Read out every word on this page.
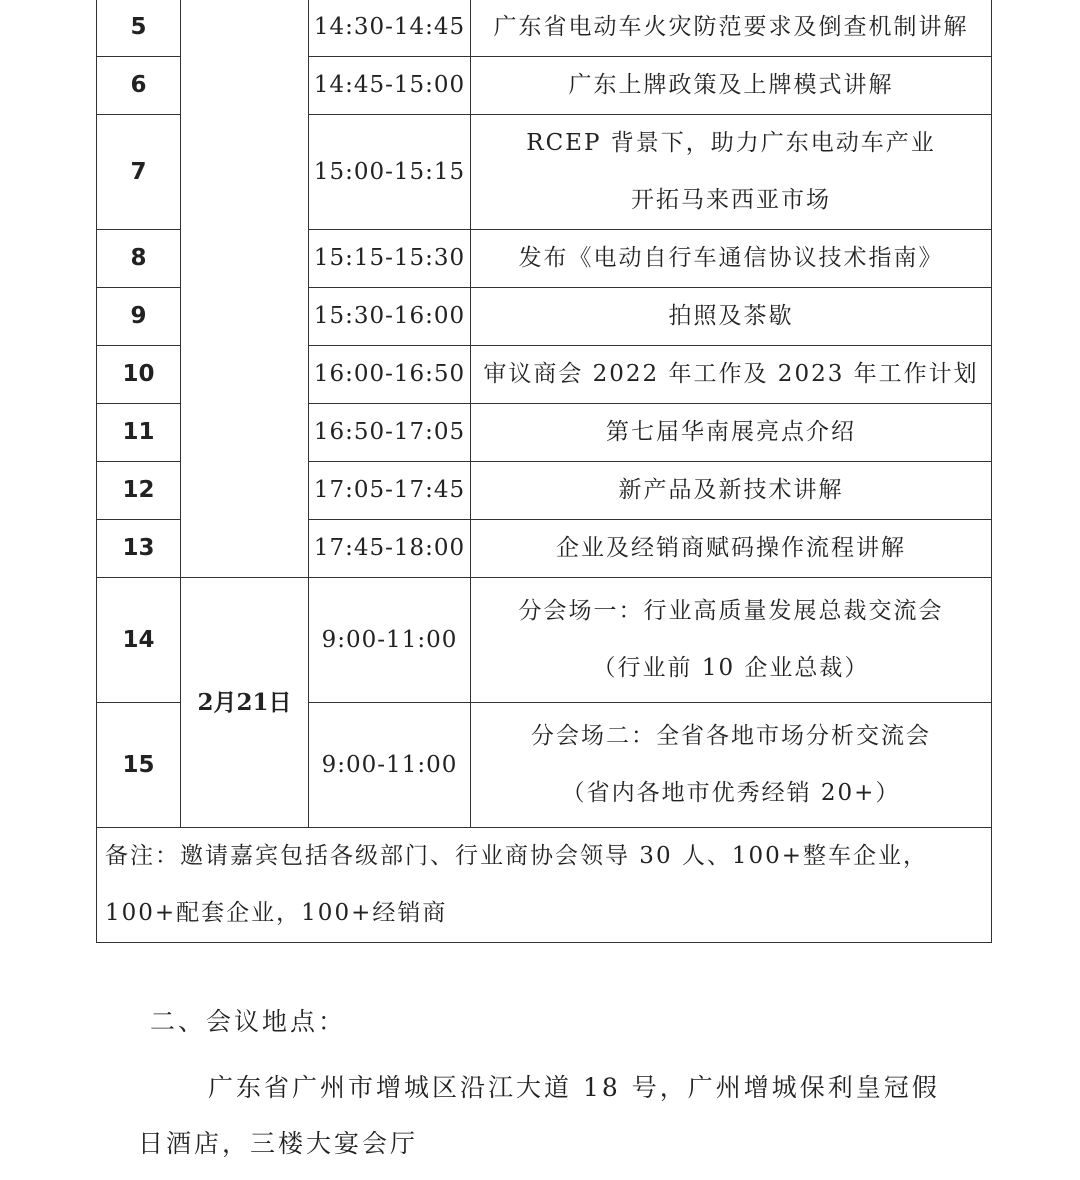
5		14:30-14:45	广东省电动车火灾防范要求及倒查机制讲解

6		14:45-15:00	广东上牌政策及上牌模式讲解

7		15:00-15:15	RCEP 背景下，助力广东电动车产业
开拓马来西亚市场

8		15:15-15:30	发布《电动自行车通信协议技术指南》

9		15:30-16:00	拍照及茶歇

10		16:00-16:50	审议商会 2022 年工作及 2023 年工作计划

11		16:50-17:05	第七届华南展亮点介绍

12		17:05-17:45	新产品及新技术讲解

13		17:45-18:00	企业及经销商赋码操作流程讲解

14	2月21日	9:00-11:00	分会场一：行业高质量发展总裁交流会
（行业前 10 企业总裁）

15		9:00-11:00	分会场二：全省各地市场分析交流会
（省内各地市优秀经销 20+）

备注：邀请嘉宾包括各级部门、行业商协会领导 30 人、100+整车企业，
100+配套企业，100+经销商			
二、会议地点：
广东省广州市增城区沿江大道 18 号，广州增城保利皇冠假
日酒店，三楼大宴会厅
